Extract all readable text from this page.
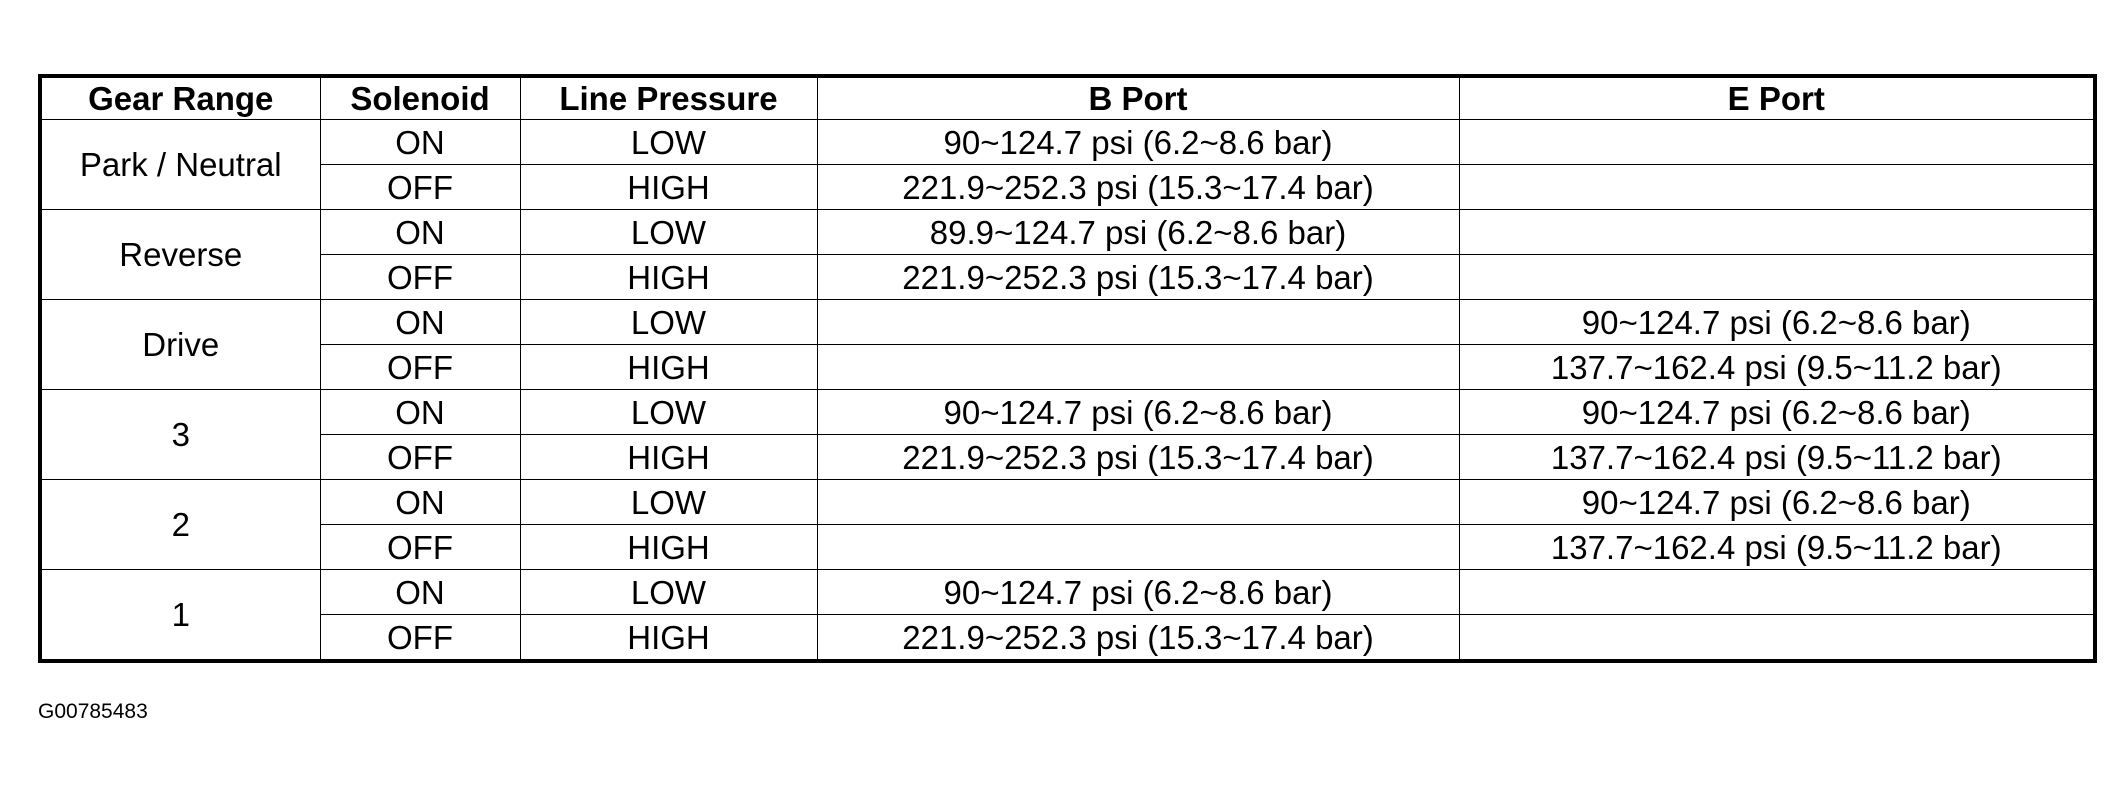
Gear Range	Solenoid	Line Pressure	B Port	E Port
Park / Neutral	ON	LOW	90~124.7 psi (6.2~8.6 bar)	
	OFF	HIGH	221.9~252.3 psi (15.3~17.4 bar)	
Reverse	ON	LOW	89.9~124.7 psi (6.2~8.6 bar)	
	OFF	HIGH	221.9~252.3 psi (15.3~17.4 bar)	
Drive	ON	LOW		90~124.7 psi (6.2~8.6 bar)
	OFF	HIGH		137.7~162.4 psi (9.5~11.2 bar)
3	ON	LOW	90~124.7 psi (6.2~8.6 bar)	90~124.7 psi (6.2~8.6 bar)
	OFF	HIGH	221.9~252.3 psi (15.3~17.4 bar)	137.7~162.4 psi (9.5~11.2 bar)
2	ON	LOW		90~124.7 psi (6.2~8.6 bar)
	OFF	HIGH		137.7~162.4 psi (9.5~11.2 bar)
1	ON	LOW	90~124.7 psi (6.2~8.6 bar)	
	OFF	HIGH	221.9~252.3 psi (15.3~17.4 bar)	
G00785483
